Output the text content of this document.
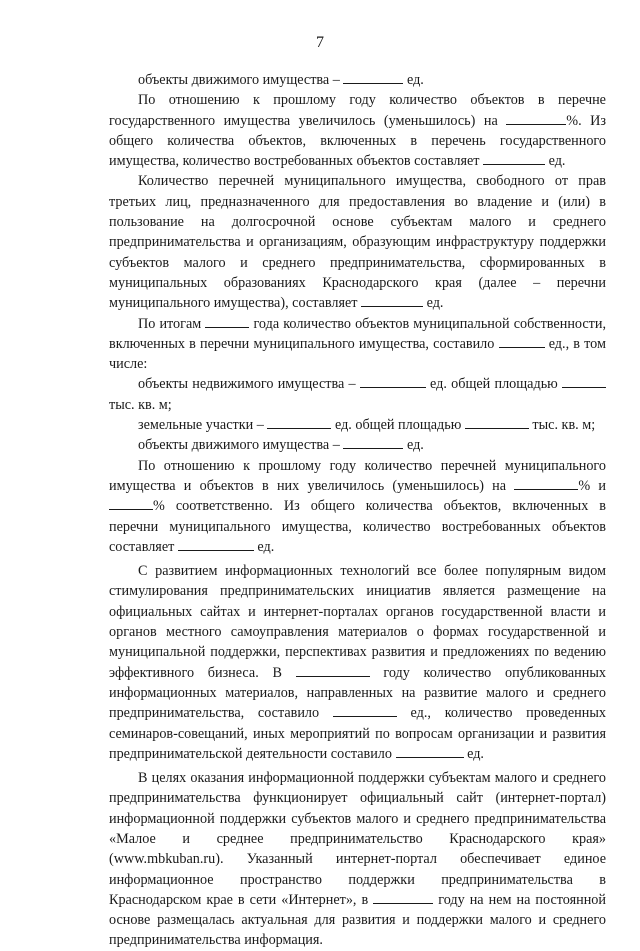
7

объекты движимого имущества –	ед.

По отношению к прошлому году количество объектов в перечне государственного имущества увеличилось (уменьшилось) на	%. Из общего количества объектов, включенных в перечень государственного имущества, количество востребованных объектов составляет	ед.

Количество перечней муниципального имущества, свободного от прав третьих лиц, предназначенного для предоставления во владение и (или) в пользование на долгосрочной основе субъектам малого и среднего предпринимательства и организациям, образующим инфраструктуру поддержки субъектов малого и среднего предпринимательства, сформированных в муниципальных образованиях Краснодарского края (далее – перечни муниципального имущества), составляет	ед.

По итогам	года количество объектов муниципальной собственности, включенных в перечни муниципального имущества, составило	ед., в том числе:

объекты недвижимого имущества –	ед. общей площадью  тыс. кв. м;

земельные участки –	ед. общей площадью	тыс. кв. м;

объекты движимого имущества –	ед.

По отношению к прошлому году количество перечней муниципального имущества и объектов в них увеличилось (уменьшилось) на	% и % соответственно. Из общего количества объектов, включенных в перечни муниципального имущества, количество востребованных объектов составляет	ед.

С развитием информационных технологий все более популярным видом стимулирования предпринимательских инициатив является размещение на официальных сайтах и интернет-порталах органов государственной власти и органов местного самоуправления материалов о формах государственной и муниципальной поддержки, перспективах развития и предложениях по ведению эффективного бизнеса. В	году количество опубликованных информационных материалов, направленных на развитие малого и среднего предпринимательства, составило	ед., количество проведенных семинаров-совещаний, иных мероприятий по вопросам организации и развития предпринимательской деятельности составило	ед.

В целях оказания информационной поддержки субъектам малого и среднего предпринимательства функционирует официальный сайт (интернет-портал) информационной поддержки субъектов малого и среднего предпринимательства «Малое и среднее предпринимательство Краснодарского края» (www.mbkuban.ru). Указанный интернет-портал обеспечивает единое информационное пространство поддержки предпринимательства в Краснодарском крае в сети «Интернет», в	году на нем на постоянной основе размещалась актуальная для развития и поддержки малого и среднего предпринимательства информация.
